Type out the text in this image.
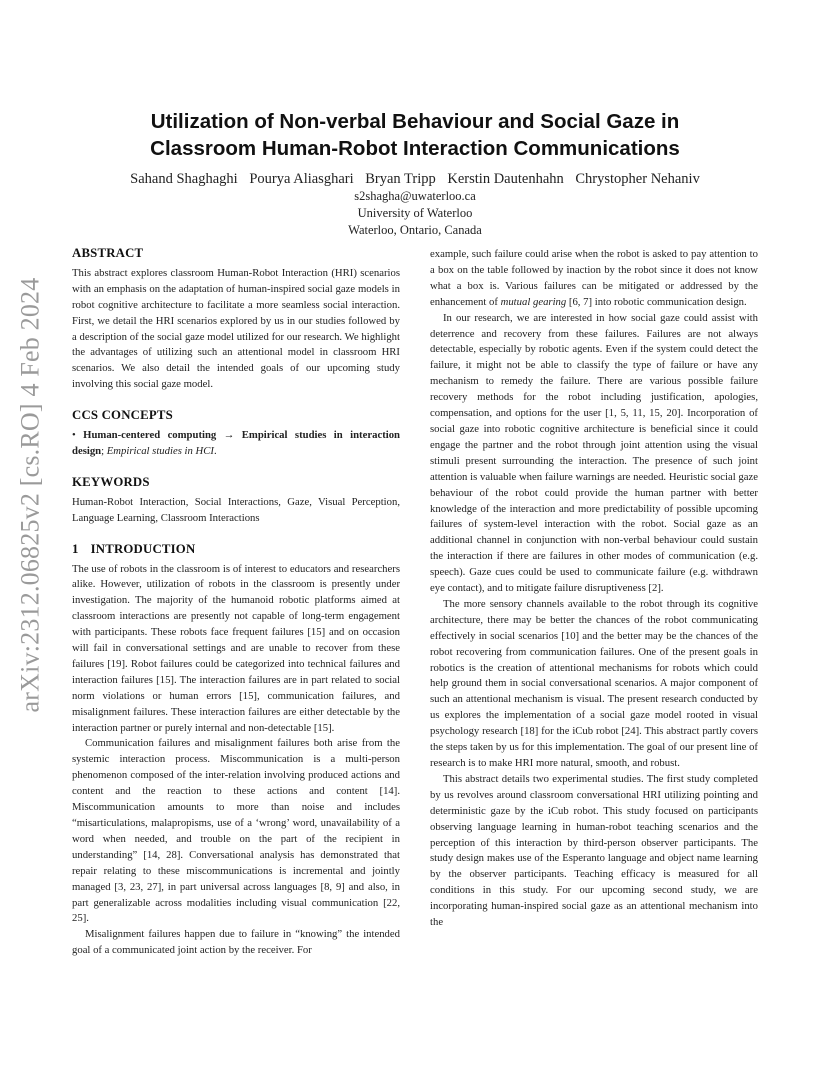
arXiv:2312.06825v2 [cs.RO] 4 Feb 2024
Utilization of Non-verbal Behaviour and Social Gaze in
Classroom Human-Robot Interaction Communications
Sahand Shaghaghi Pourya Aliasghari Bryan Tripp Kerstin Dautenhahn Chrystopher Nehaniv
s2shagha@uwaterloo.ca
University of Waterloo
Waterloo, Ontario, Canada
ABSTRACT

This abstract explores classroom Human-Robot Interaction (HRI) scenarios with an emphasis on the adaptation of human-inspired social gaze models in robot cognitive architecture to facilitate a more seamless social interaction. First, we detail the HRI scenarios explored by us in our studies followed by a description of the social gaze model utilized for our research. We highlight the advantages of utilizing such an attentional model in classroom HRI scenarios. We also detail the intended goals of our upcoming study involving this social gaze model.

CCS CONCEPTS

• Human-centered computing → Empirical studies in interaction design; Empirical studies in HCI.

KEYWORDS

Human-Robot Interaction, Social Interactions, Gaze, Visual Perception, Language Learning, Classroom Interactions

1 INTRODUCTION

The use of robots in the classroom is of interest to educators and researchers alike. However, utilization of robots in the classroom is presently under investigation. The majority of the humanoid robotic platforms aimed at classroom interactions are presently not capable of long-term engagement with participants. These robots face frequent failures [15] and on occasion will fail in conversational settings and are unable to recover from these failures [19]. Robot failures could be categorized into technical failures and interaction failures [15]. The interaction failures are in part related to social norm violations or human errors [15], communication failures, and misalignment failures. These interaction failures are either detectable by the interaction partner or purely internal and non-detectable [15].

Communication failures and misalignment failures both arise from the systemic interaction process. Miscommunication is a multi-person phenomenon composed of the inter-relation involving produced actions and content and the reaction to these actions and content [14]. Miscommunication amounts to more than noise and includes “misarticulations, malapropisms, use of a ‘wrong’ word, unavailability of a word when needed, and trouble on the part of the recipient in understanding” [14, 28]. Conversational analysis has demonstrated that repair relating to these miscommunications is incremental and jointly managed [3, 23, 27], in part universal across languages [8, 9] and also, in part generalizable across modalities including visual communication [22, 25].

Misalignment failures happen due to failure in “knowing” the intended goal of a communicated joint action by the receiver. For

example, such failure could arise when the robot is asked to pay attention to a box on the table followed by inaction by the robot since it does not know what a box is. Various failures can be mitigated or addressed by the enhancement of mutual gearing [6, 7] into robotic communication design.

In our research, we are interested in how social gaze could assist with deterrence and recovery from these failures. Failures are not always detectable, especially by robotic agents. Even if the system could detect the failure, it might not be able to classify the type of failure or have any mechanism to remedy the failure. There are various possible failure recovery methods for the robot including justification, apologies, compensation, and options for the user [1, 5, 11, 15, 20]. Incorporation of social gaze into robotic cognitive architecture is beneficial since it could engage the partner and the robot through joint attention using the visual stimuli present surrounding the interaction. The presence of such joint attention is valuable when failure warnings are needed. Heuristic social gaze behaviour of the robot could provide the human partner with better knowledge of the interaction and more predictability of possible upcoming failures of system-level interaction with the robot. Social gaze as an additional channel in conjunction with non-verbal behaviour could sustain the interaction if there are failures in other modes of communication (e.g. speech). Gaze cues could be used to communicate failure (e.g. withdrawn eye contact), and to mitigate failure disruptiveness [2].

The more sensory channels available to the robot through its cognitive architecture, there may be better the chances of the robot communicating effectively in social scenarios [10] and the better may be the chances of the robot recovering from communication failures. One of the present goals in robotics is the creation of attentional mechanisms for robots which could help ground them in social conversational scenarios. A major component of such an attentional mechanism is visual. The present research conducted by us explores the implementation of a social gaze model rooted in visual psychology research [18] for the iCub robot [24]. This abstract partly covers the steps taken by us for this implementation. The goal of our present line of research is to make HRI more natural, smooth, and robust.

This abstract details two experimental studies. The first study completed by us revolves around classroom conversational HRI utilizing pointing and deterministic gaze by the iCub robot. This study focused on participants observing language learning in human-robot teaching scenarios and the perception of this interaction by third-person observer participants. The study design makes use of the Esperanto language and object name learning by the observer participants. Teaching efficacy is measured for all conditions in this study. For our upcoming second study, we are incorporating human-inspired social gaze as an attentional mechanism into the
